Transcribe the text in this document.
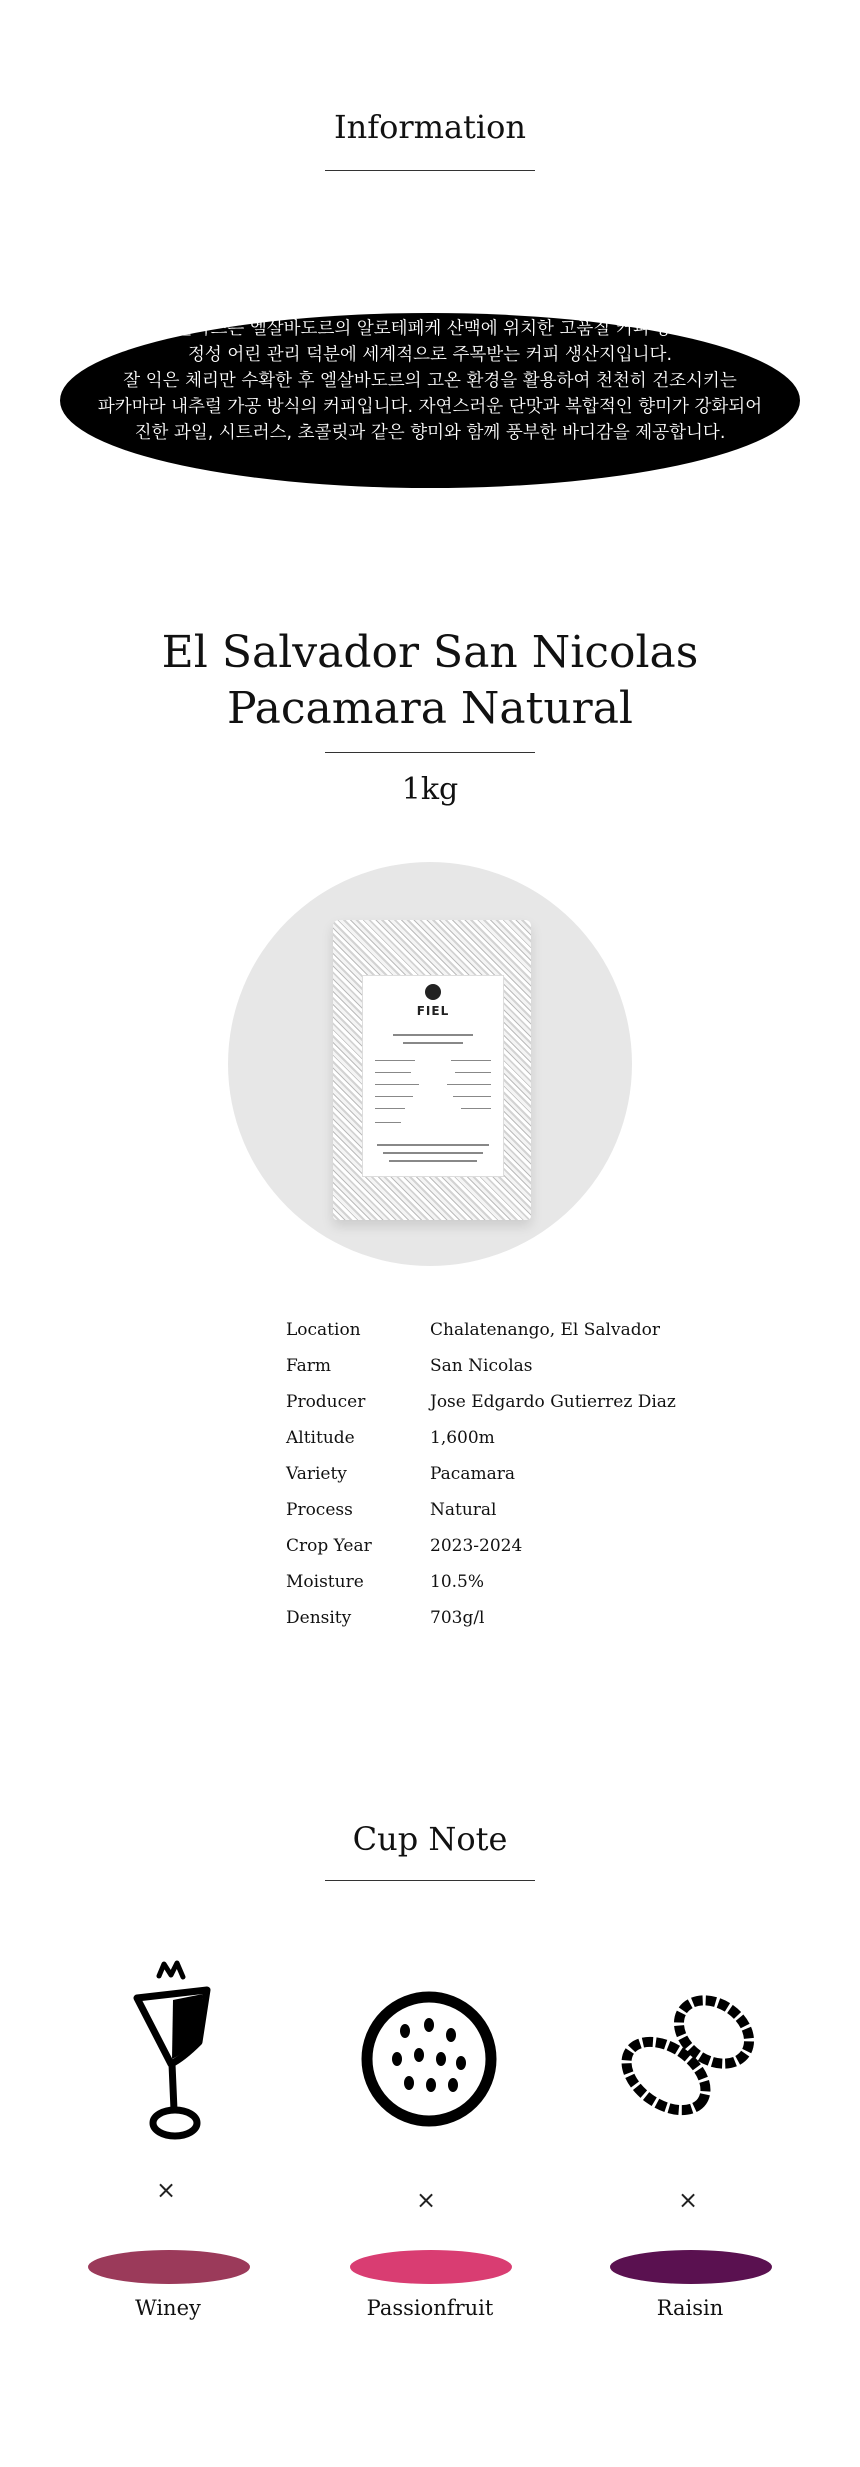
Information
산 니콜라스는 엘살바도르의 알로테페케 산맥에 위치한 고품질 커피 농장으로
정성 어린 관리 덕분에 세계적으로 주목받는 커피 생산지입니다.
잘 익은 체리만 수확한 후 엘살바도르의 고온 환경을 활용하여 천천히 건조시키는
파카마라 내추럴 가공 방식의 커피입니다. 자연스러운 단맛과 복합적인 향미가 강화되어
진한 과일, 시트러스, 초콜릿과 같은 향미와 함께 풍부한 바디감을 제공합니다.
El Salvador San Nicolas
Pacamara Natural
1kg
FIEL
Location	Chalatenango, El Salvador
Farm	San Nicolas
Producer	Jose Edgardo Gutierrez Diaz
Altitude	1,600m
Variety	Pacamara
Process	Natural
Crop Year	2023-2024
Moisture	10.5%
Density	703g/l
Cup Note
×
Winey
×
Passionfruit
×
Raisin
